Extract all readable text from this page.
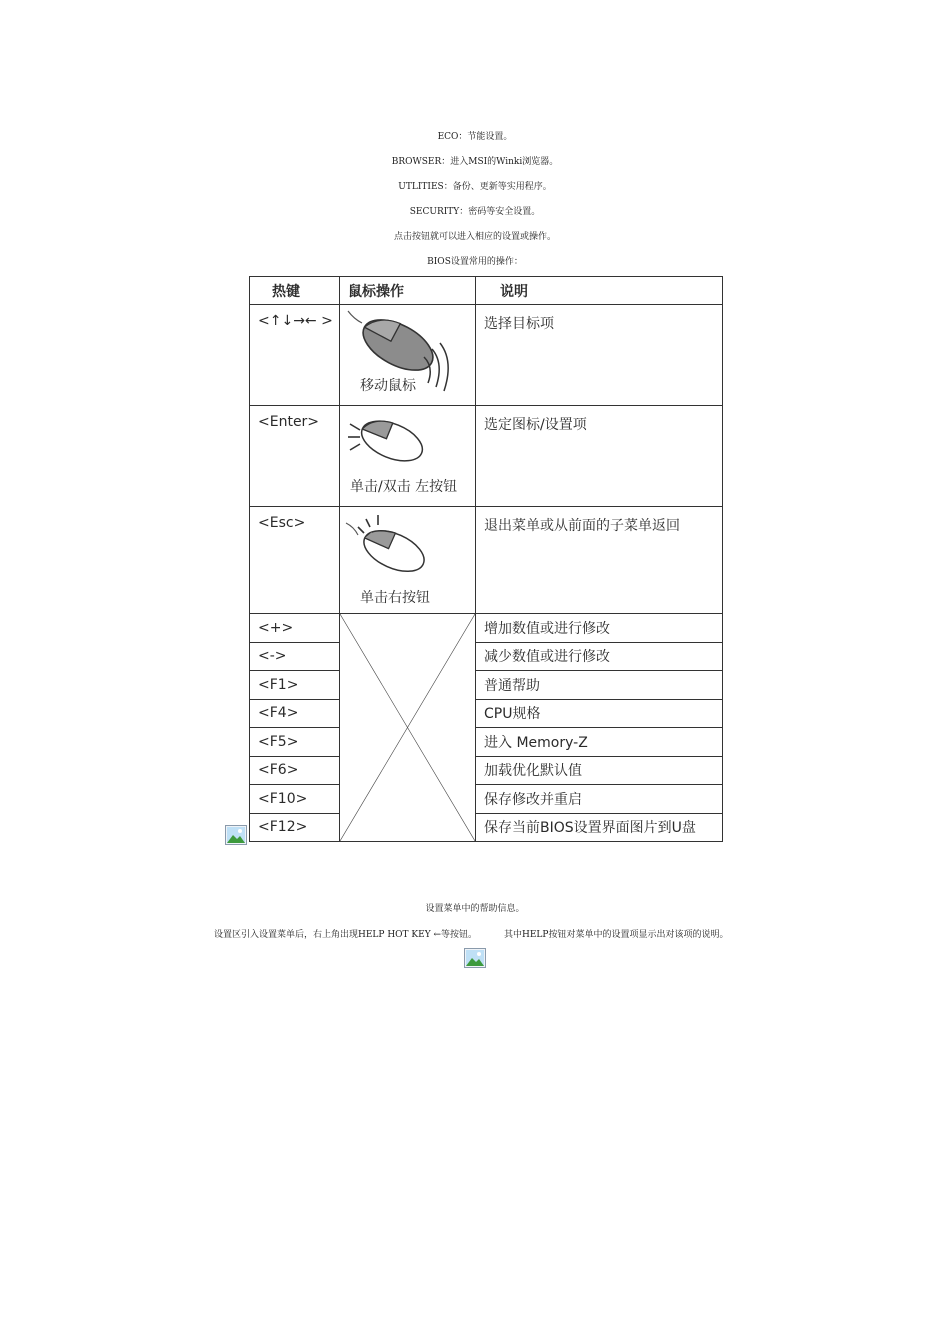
ECO：节能设置。
BROWSER：进入MSI的Winki浏览器。
UTLITIES：备份、更新等实用程序。
SECURITY：密码等安全设置。
点击按钮就可以进入相应的设置或操作。
BIOS设置常用的操作：
热键	鼠标操作	说明
<↑↓→← >	移动鼠标	选择目标项
<Enter>	单击/双击 左按钮	选定图标/设置项
<Esc>	单击右按钮	退出菜单或从前面的子菜单返回
<+>		增加数值或进行修改
<->		减少数值或进行修改
<F1>		普通帮助
<F4>		CPU规格
<F5>		进入 Memory-Z
<F6>		加载优化默认值
<F10>		保存修改并重启
<F12>		保存当前BIOS设置界面图片到U盘
设置菜单中的帮助信息。
设置区引入设置菜单后，右上角出现HELP HOT KEY ←等按钮。	其中HELP按钮对菜单中的设置项显示出对该项的说明。
